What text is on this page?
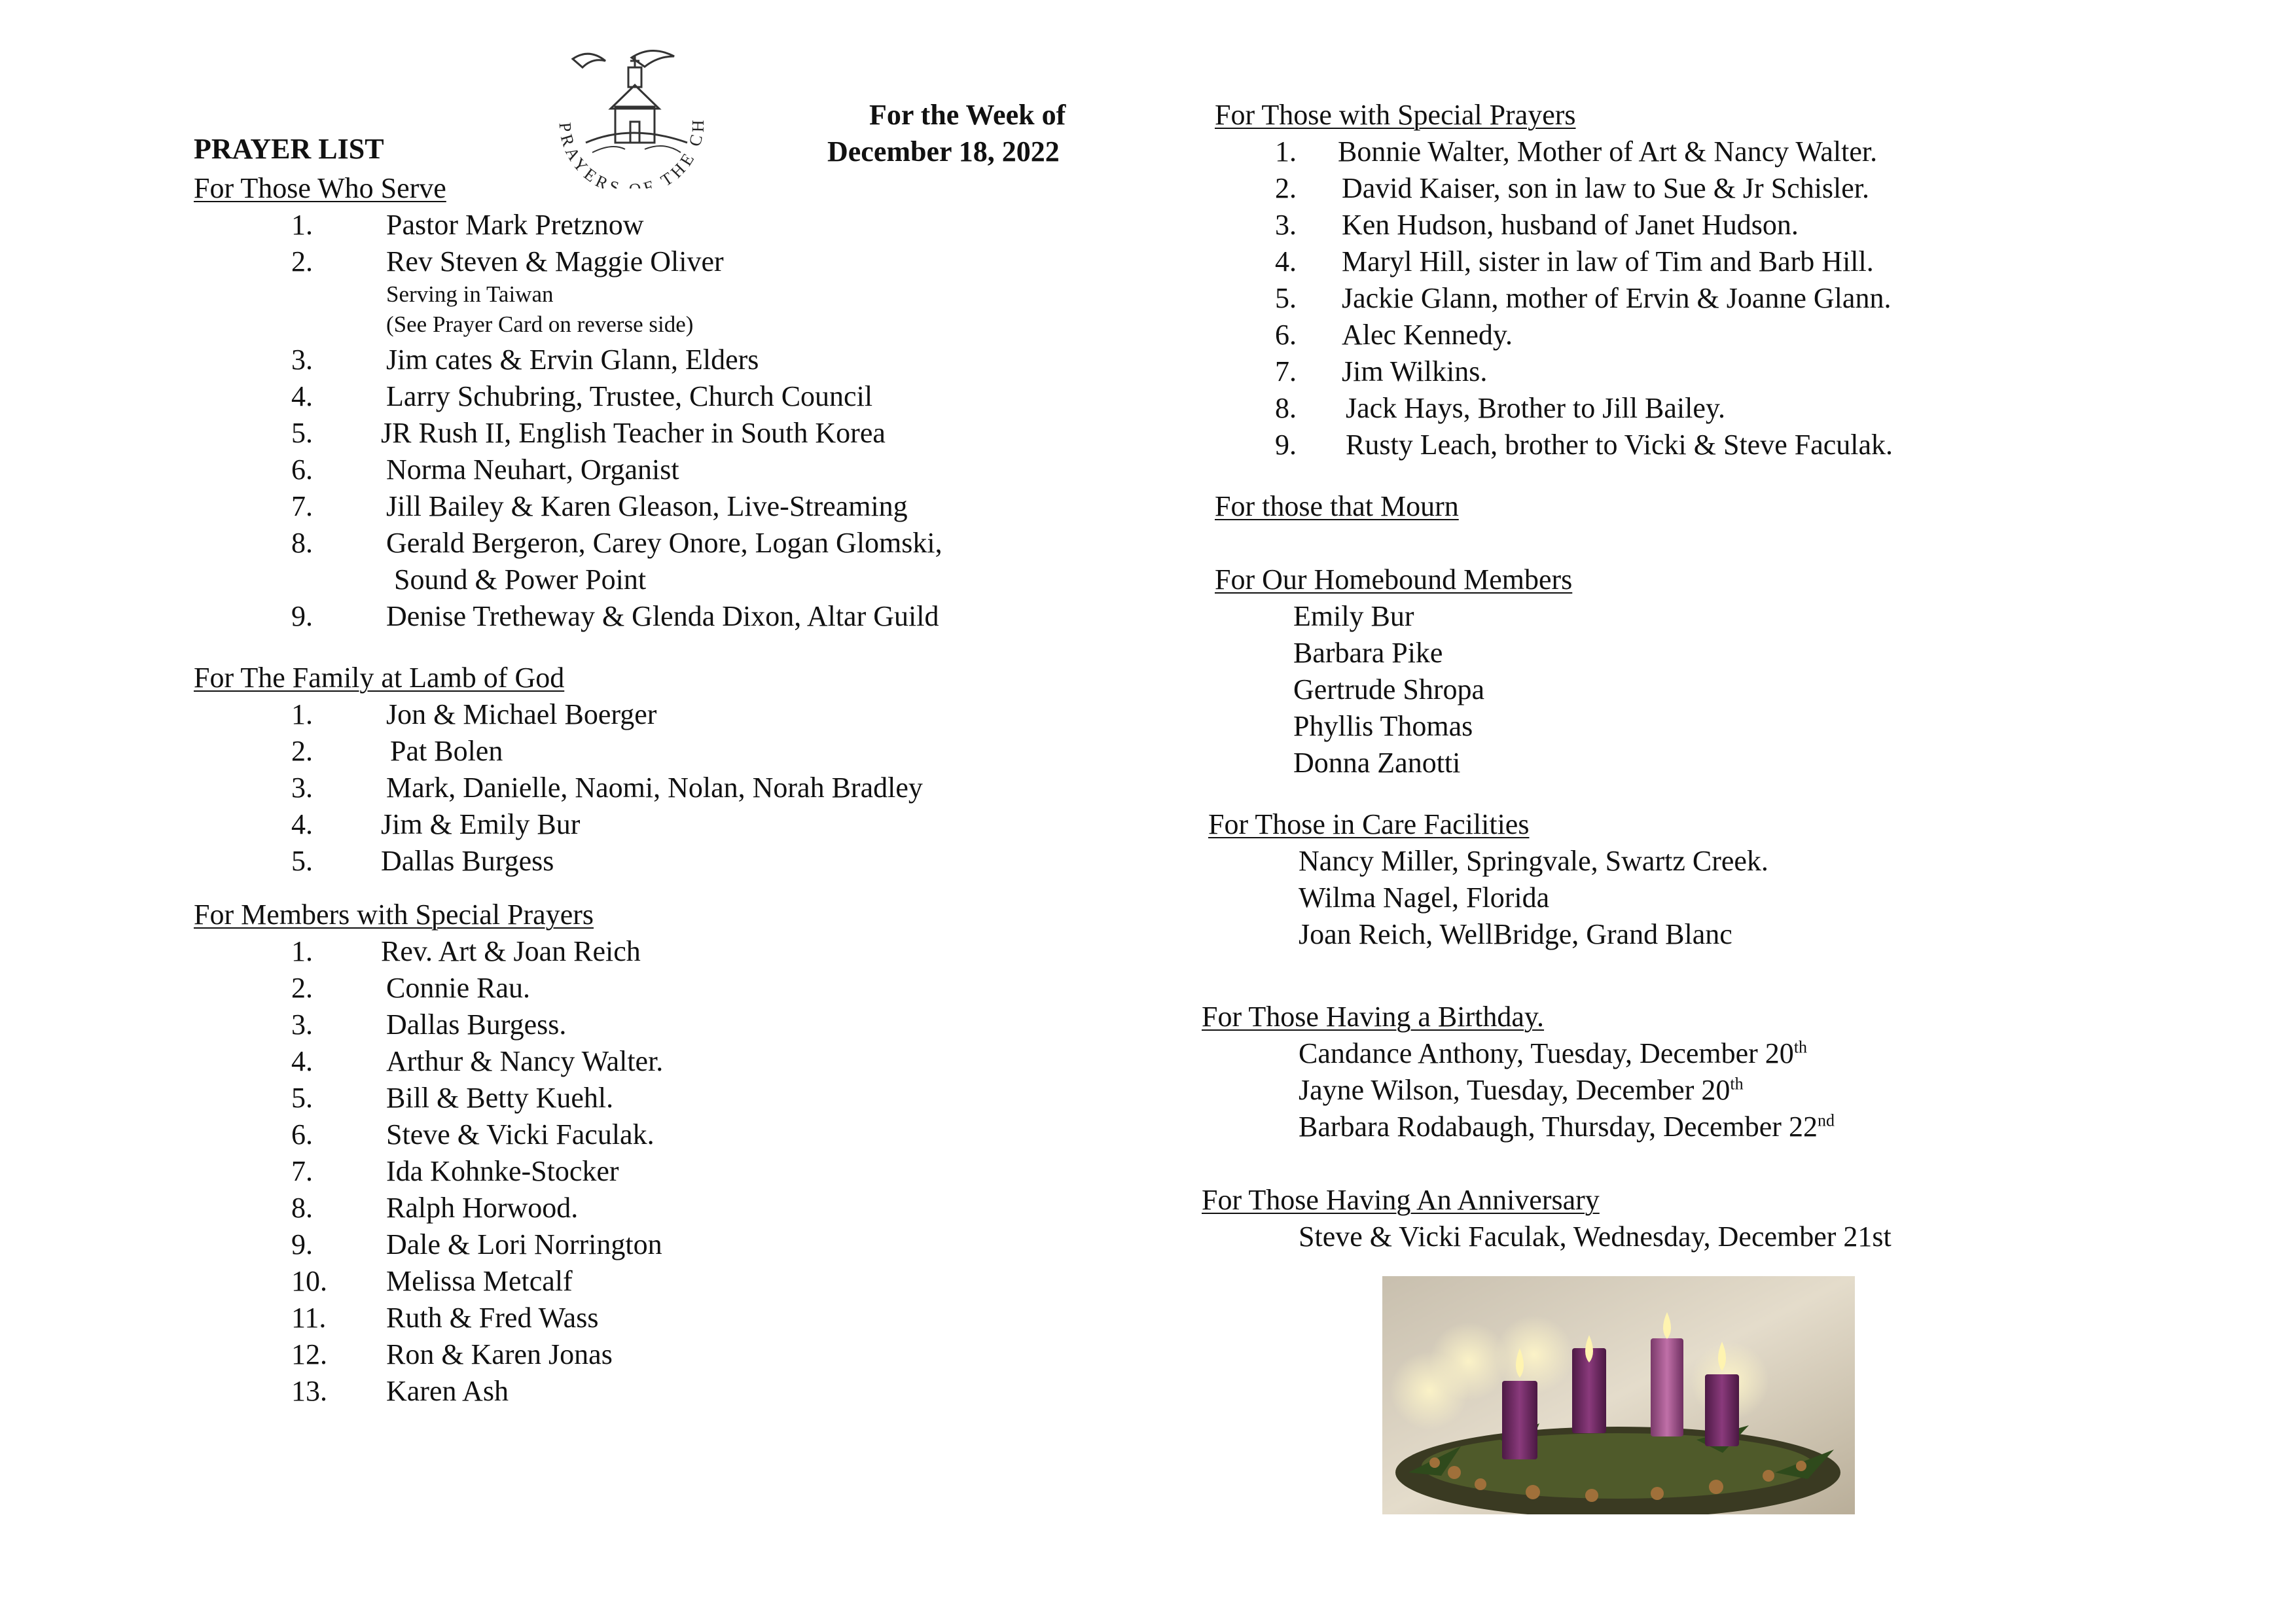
PRAYERS F THE CH
PRAYER LIST
For the Week of
December 18, 2022
For Those Who Serve
1.	Pastor Mark Pretznow
2.	Rev Steven & Maggie Oliver
Serving in Taiwan
(See Prayer Card on reverse side)
3.	Jim cates & Ervin Glann, Elders
4.	Larry Schubring, Trustee, Church Council
5. JR Rush II, English Teacher in South Korea
6.	Norma Neuhart, Organist
7.	Jill Bailey & Karen Gleason, Live-Streaming
8.	Gerald Bergeron, Carey Onore, Logan Glomski,
Sound & Power Point
9.	Denise Tretheway & Glenda Dixon, Altar Guild
For The Family at Lamb of God
1.	Jon & Michael Boerger
2.	Pat Bolen
3.	Mark, Danielle, Naomi, Nolan, Norah Bradley
4. Jim & Emily Bur
5. Dallas Burgess
For Members with Special Prayers
1. Rev. Art & Joan Reich
2.	Connie Rau.
3.	Dallas Burgess.
4.	Arthur & Nancy Walter.
5.	Bill & Betty Kuehl.
6.	Steve & Vicki Faculak.
7.	Ida Kohnke-Stocker
8.	Ralph Horwood.
9.	Dale & Lori Norrington
10. Melissa Metcalf
11. Ruth & Fred Wass
12. Ron & Karen Jonas
13. Karen Ash
For Those with Special Prayers
1. Bonnie Walter, Mother of Art & Nancy Walter.
2. David Kaiser, son in law to Sue & Jr Schisler.
3. Ken Hudson, husband of Janet Hudson.
4. Maryl Hill, sister in law of Tim and Barb Hill.
5. Jackie Glann, mother of Ervin & Joanne Glann.
6. Alec Kennedy.
7. Jim Wilkins.
8. Jack Hays, Brother to Jill Bailey.
9. Rusty Leach, brother to Vicki & Steve Faculak.
For those that Mourn
For Our Homebound Members
Emily Bur
Barbara Pike
Gertrude Shropa
Phyllis Thomas
Donna Zanotti
For Those in Care Facilities
Nancy Miller, Springvale, Swartz Creek.
Wilma Nagel, Florida
Joan Reich, WellBridge, Grand Blanc
For Those Having a Birthday.
Candance Anthony, Tuesday, December 20th
Jayne Wilson, Tuesday, December 20th
Barbara Rodabaugh, Thursday, December 22nd
For Those Having An Anniversary
Steve & Vicki Faculak, Wednesday, December 21st
